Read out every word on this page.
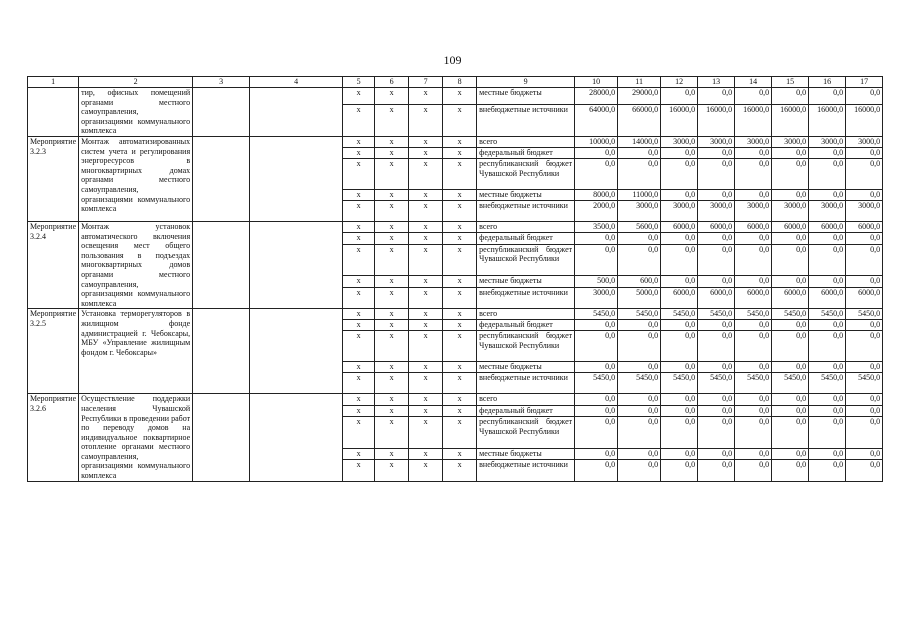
109
1	2	3	4	5	6	7	8	9	10	11	12	13	14	15	16	17
	тир, офисных помещений органами местного самоуправления, организациями коммунального комплекса			x	x	x	x	местные бюджеты	28000,0	29000,0	0,0	0,0	0,0	0,0	0,0	0,0
				x	x	x	x	внебюджетные источники	64000,0	66000,0	16000,0	16000,0	16000,0	16000,0	16000,0	16000,0
Мероприятие 3.2.3	Монтаж автоматизированных систем учета и регулирования энергоресурсов в многоквартирных домах органами местного самоуправления, организациями коммунального комплекса			x	x	x	x	всего	10000,0	14000,0	3000,0	3000,0	3000,0	3000,0	3000,0	3000,0
				x	x	x	x	федеральный бюджет	0,0	0,0	0,0	0,0	0,0	0,0	0,0	0,0
				x	x	x	x	республиканский бюджет Чувашской Республики	0,0	0,0	0,0	0,0	0,0	0,0	0,0	0,0
				x	x	x	x	местные бюджеты	8000,0	11000,0	0,0	0,0	0,0	0,0	0,0	0,0
				x	x	x	x	внебюджетные источники	2000,0	3000,0	3000,0	3000,0	3000,0	3000,0	3000,0	3000,0
Мероприятие 3.2.4	Монтаж установок автоматического включения освещения мест общего пользования в подъездах многоквартирных домов органами местного самоуправления, организациями коммунального комплекса			x	x	x	x	всего	3500,0	5600,0	6000,0	6000,0	6000,0	6000,0	6000,0	6000,0
				x	x	x	x	федеральный бюджет	0,0	0,0	0,0	0,0	0,0	0,0	0,0	0,0
				x	x	x	x	республиканский бюджет Чувашской Республики	0,0	0,0	0,0	0,0	0,0	0,0	0,0	0,0
				x	x	x	x	местные бюджеты	500,0	600,0	0,0	0,0	0,0	0,0	0,0	0,0
				x	x	x	x	внебюджетные источники	3000,0	5000,0	6000,0	6000,0	6000,0	6000,0	6000,0	6000,0
Мероприятие 3.2.5	Установка терморегуляторов в жилищном фонде администрацией г. Чебоксары, МБУ «Управление жилищным фондом г. Чебоксары»			x	x	x	x	всего	5450,0	5450,0	5450,0	5450,0	5450,0	5450,0	5450,0	5450,0
				x	x	x	x	федеральный бюджет	0,0	0,0	0,0	0,0	0,0	0,0	0,0	0,0
				x	x	x	x	республиканский бюджет Чувашской Республики	0,0	0,0	0,0	0,0	0,0	0,0	0,0	0,0
				x	x	x	x	местные бюджеты	0,0	0,0	0,0	0,0	0,0	0,0	0,0	0,0
				x	x	x	x	внебюджетные источники	5450,0	5450,0	5450,0	5450,0	5450,0	5450,0	5450,0	5450,0
Мероприятие 3.2.6	Осуществление поддержки населения Чувашской Республики в проведении работ по переводу домов на индивидуальное поквартирное отопление органами местного самоуправления, организациями коммунального комплекса			x	x	x	x	всего	0,0	0,0	0,0	0,0	0,0	0,0	0,0	0,0
				x	x	x	x	федеральный бюджет	0,0	0,0	0,0	0,0	0,0	0,0	0,0	0,0
				x	x	x	x	республиканский бюджет Чувашской Республики	0,0	0,0	0,0	0,0	0,0	0,0	0,0	0,0
				x	x	x	x	местные бюджеты	0,0	0,0	0,0	0,0	0,0	0,0	0,0	0,0
				x	x	x	x	внебюджетные источники	0,0	0,0	0,0	0,0	0,0	0,0	0,0	0,0
